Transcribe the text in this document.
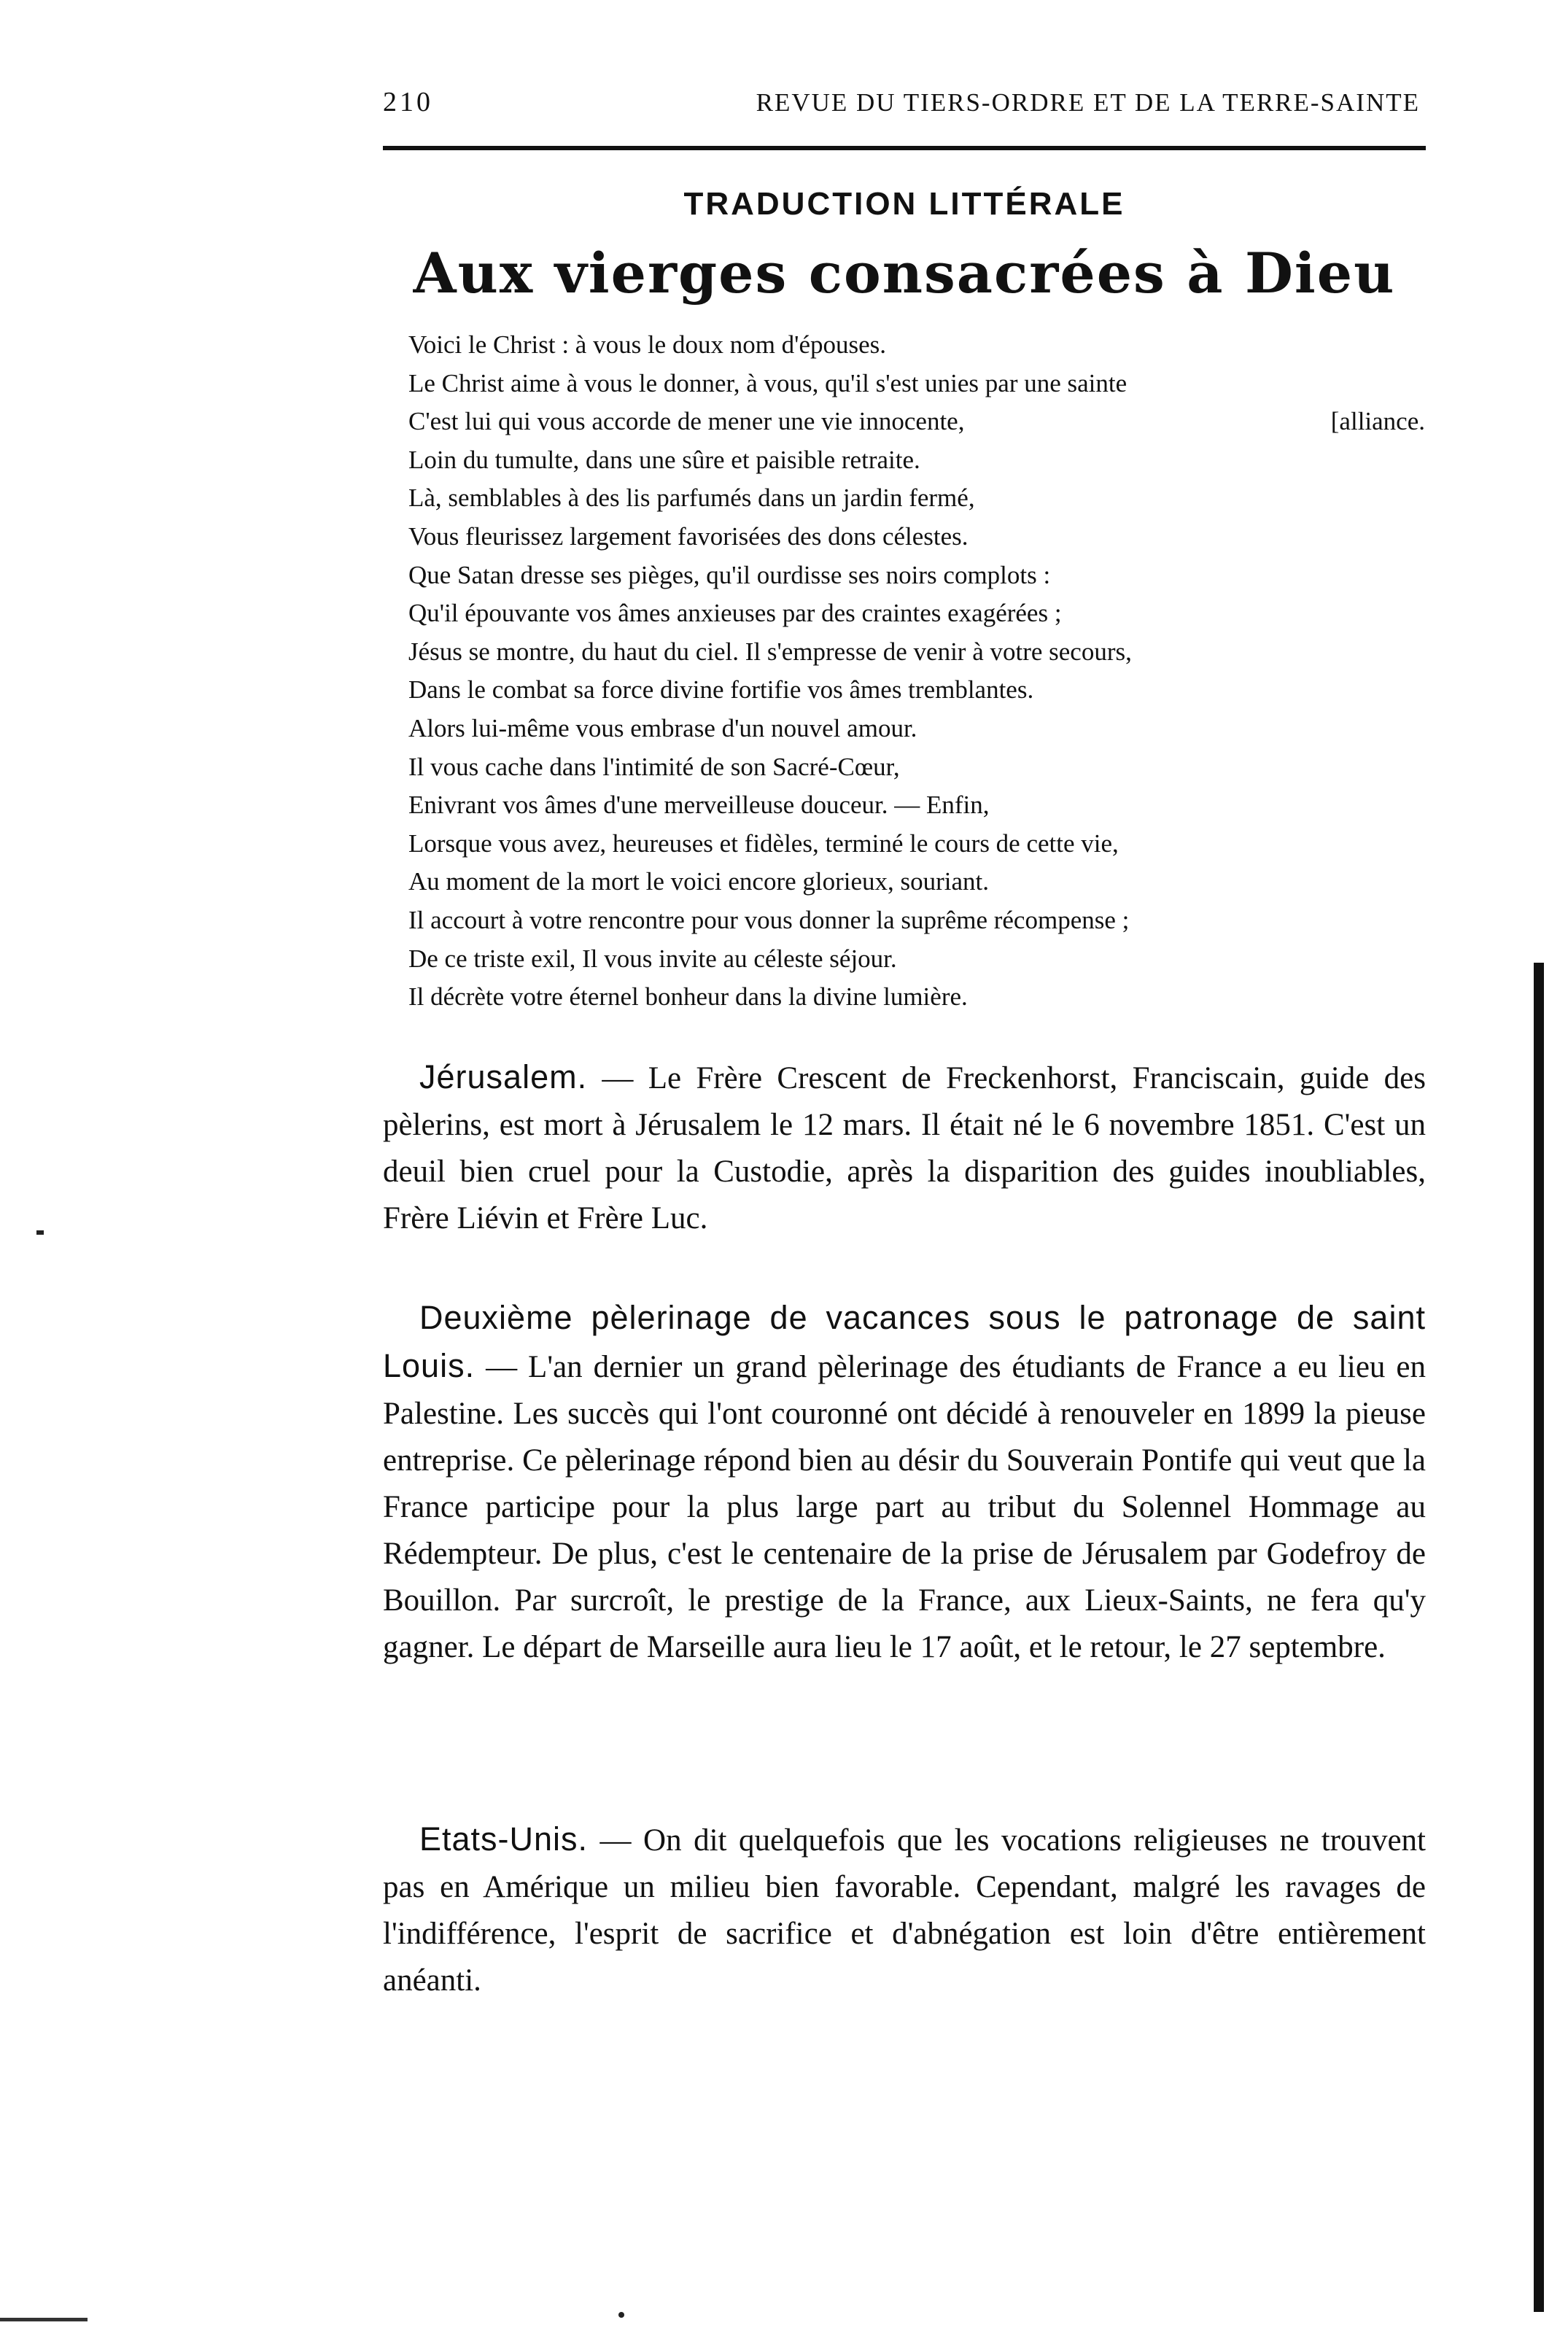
210	REVUE DU TIERS-ORDRE ET DE LA TERRE-SAINTE
TRADUCTION LITTÉRALE
Aux vierges consacrées à Dieu
Voici le Christ : à vous le doux nom d'épouses.
Le Christ aime à vous le donner, à vous, qu'il s'est unies par une sainte
C'est lui qui vous accorde de mener une vie innocente,	[alliance.
Loin du tumulte, dans une sûre et paisible retraite.
Là, semblables à des lis parfumés dans un jardin fermé,
Vous fleurissez largement favorisées des dons célestes.
Que Satan dresse ses pièges, qu'il ourdisse ses noirs complots :
Qu'il épouvante vos âmes anxieuses par des craintes exagérées ;
Jésus se montre, du haut du ciel. Il s'empresse de venir à votre secours,
Dans le combat sa force divine fortifie vos âmes tremblantes.
Alors lui-même vous embrase d'un nouvel amour.
Il vous cache dans l'intimité de son Sacré-Cœur,
Enivrant vos âmes d'une merveilleuse douceur. — Enfin,
Lorsque vous avez, heureuses et fidèles, terminé le cours de cette vie,
Au moment de la mort le voici encore glorieux, souriant.
Il accourt à votre rencontre pour vous donner la suprême récompense ;
De ce triste exil, Il vous invite au céleste séjour.
Il décrète votre éternel bonheur dans la divine lumière.
Jérusalem. — Le Frère Crescent de Freckenhorst, Franciscain, guide des pèlerins, est mort à Jérusalem le 12 mars. Il était né le 6 novembre 1851. C'est un deuil bien cruel pour la Custodie, après la disparition des guides inoubliables, Frère Liévin et Frère Luc.
Deuxième pèlerinage de vacances sous le patronage de saint Louis. — L'an dernier un grand pèlerinage des étudiants de France a eu lieu en Palestine. Les succès qui l'ont couronné ont décidé à renouveler en 1899 la pieuse entreprise. Ce pèlerinage répond bien au désir du Souverain Pontife qui veut que la France participe pour la plus large part au tribut du Solennel Hommage au Rédempteur. De plus, c'est le centenaire de la prise de Jérusalem par Godefroy de Bouillon. Par surcroît, le prestige de la France, aux Lieux-Saints, ne fera qu'y gagner. Le départ de Marseille aura lieu le 17 août, et le retour, le 27 septembre.
Etats-Unis. — On dit quelquefois que les vocations religieuses ne trouvent pas en Amérique un milieu bien favorable. Cependant, malgré les ravages de l'indifférence, l'esprit de sacrifice et d'abnégation est loin d'être entièrement anéanti.
